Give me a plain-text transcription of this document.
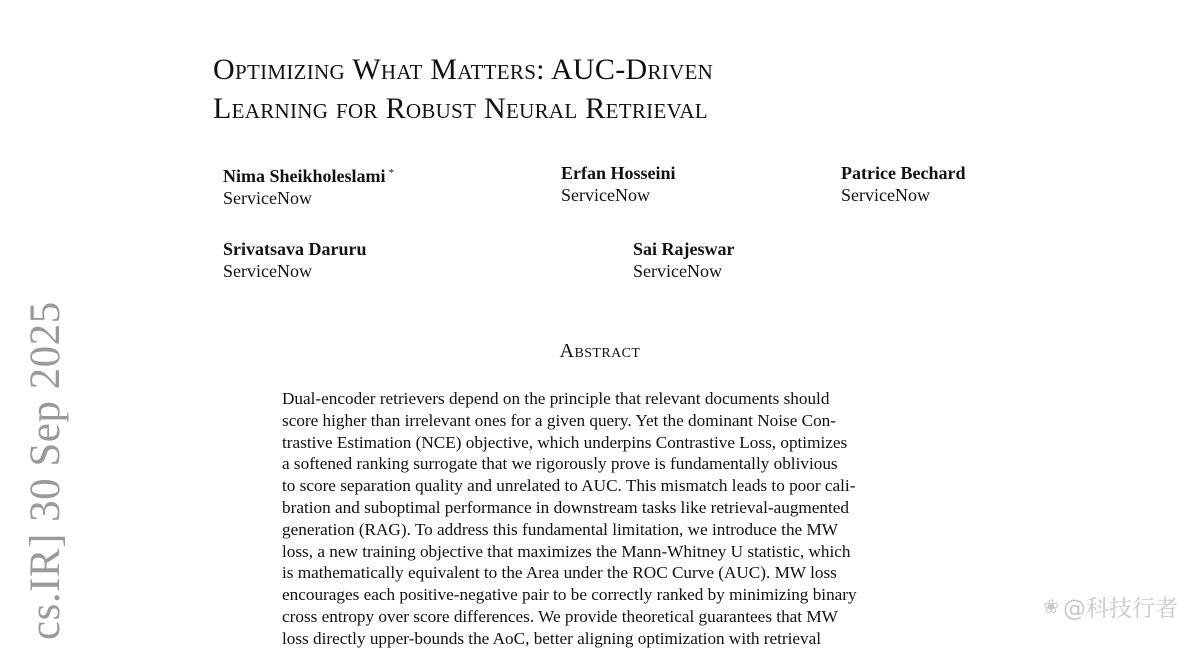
Optimizing What Matters: AUC-Driven
Learning for Robust Neural Retrieval
Nima Sheikholeslami *
ServiceNow
Erfan Hosseini
ServiceNow
Patrice Bechard
ServiceNow
Srivatsava Daruru
ServiceNow
Sai Rajeswar
ServiceNow
Abstract
Dual-encoder retrievers depend on the principle that relevant documents should
score higher than irrelevant ones for a given query. Yet the dominant Noise Con-
trastive Estimation (NCE) objective, which underpins Contrastive Loss, optimizes
a softened ranking surrogate that we rigorously prove is fundamentally oblivious
to score separation quality and unrelated to AUC. This mismatch leads to poor cali-
bration and suboptimal performance in downstream tasks like retrieval-augmented
generation (RAG). To address this fundamental limitation, we introduce the MW
loss, a new training objective that maximizes the Mann-Whitney U statistic, which
is mathematically equivalent to the Area under the ROC Curve (AUC). MW loss
encourages each positive-negative pair to be correctly ranked by minimizing binary
cross entropy over score differences. We provide theoretical guarantees that MW
loss directly upper-bounds the AoC, better aligning optimization with retrieval
cs.IR] 30 Sep 2025	❀ @科技行者
